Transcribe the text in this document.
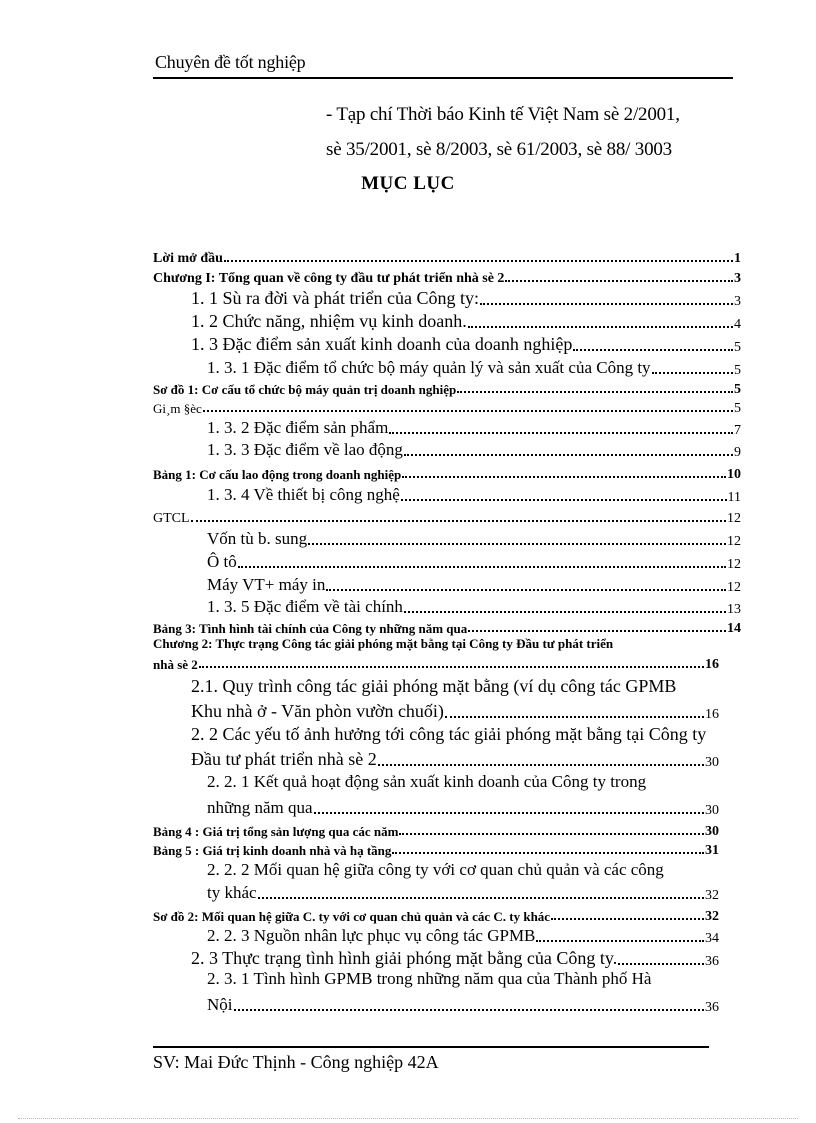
Chuyên đề tốt nghiệp
- Tạp chí Thời báo Kinh tế Việt Nam sè 2/2001,
sè 35/2001, sè 8/2003, sè 61/2003, sè 88/ 3003
MỤC LỤC
Lời mở đầu	1
Chương I: Tổng quan về công ty đầu tư phát triển nhà sè 2	3
1. 1 Sù ra đời và phát triển của Công ty:	3
1. 2 Chức năng, nhiệm vụ kinh doanh.	4
1. 3 Đặc điểm sản xuất kinh doanh của doanh nghiệp	5
1. 3. 1 Đặc điểm tổ chức bộ máy quản lý và sản xuất của Công ty	5
Sơ đồ 1: Cơ cấu tổ chức bộ máy quản trị doanh nghiệp	5
Gi¸m §èc	5
1. 3. 2 Đặc điểm sản phẩm	7
1. 3. 3 Đặc điểm về lao động	9
Bảng 1: Cơ cấu lao động trong doanh nghiệp	10
1. 3. 4 Về thiết bị công nghệ	11
GTCL	12
Vốn tù b. sung	12
Ô tô	12
Máy VT+ máy in	12
1. 3. 5 Đặc điểm về tài chính	13
Bảng 3: Tình hình tài chính của Công ty những năm qua	14
Chương 2: Thực trạng Công tác giải phóng mặt bằng tại Công ty Đầu tư phát triển
nhà sè 2	16
2.1. Quy trình công tác giải phóng mặt bằng (ví dụ công tác GPMB
Khu nhà ở - Văn phòn vườn chuối)	16
2. 2 Các yếu tố ảnh hưởng tới công tác giải phóng mặt bằng tại Công ty
Đầu tư phát triển nhà sè 2	30
2. 2. 1 Kết quả hoạt động sản xuất kinh doanh của Công ty trong
những năm qua	30
Bảng 4 : Giá trị tổng sản lượng qua các năm	30
Bảng 5 : Giá trị kinh doanh nhà và hạ tầng	31
2. 2. 2 Mối quan hệ giữa công ty với cơ quan chủ quản và các công
ty khác	32
Sơ đồ 2: Mối quan hệ giữa C. ty với cơ quan chủ quản và các C. ty khác	32
2. 2. 3 Nguồn nhân lực phục vụ công tác GPMB	34
2. 3 Thực trạng tình hình giải phóng mặt bằng của Công ty.	36
2. 3. 1 Tình hình GPMB trong những năm qua của Thành phố Hà
Nội	36
SV: Mai Đức Thịnh - Công nghiệp 42A
